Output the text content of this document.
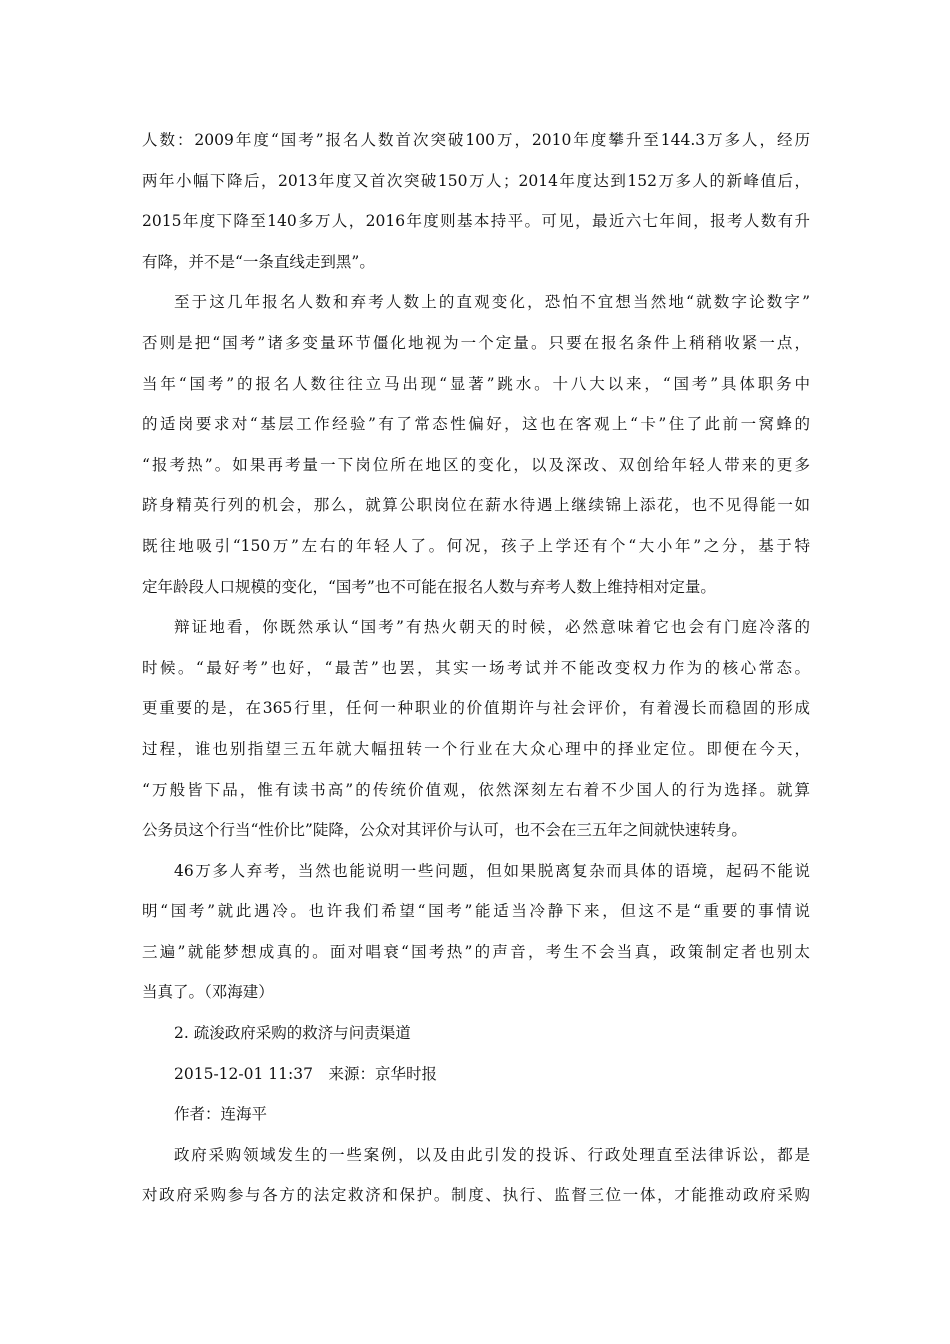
人数：2009年度“国考”报名人数首次突破100万，2010年度攀升至144.3万多人，经历
两年小幅下降后，2013年度又首次突破150万人；2014年度达到152万多人的新峰值后，
2015年度下降至140多万人，2016年度则基本持平。可见，最近六七年间，报考人数有升
有降，并不是“一条直线走到黑”。
至于这几年报名人数和弃考人数上的直观变化，恐怕不宜想当然地“就数字论数字”
否则是把“国考”诸多变量环节僵化地视为一个定量。只要在报名条件上稍稍收紧一点，
当年“国考”的报名人数往往立马出现“显著”跳水。十八大以来，“国考”具体职务中
的适岗要求对“基层工作经验”有了常态性偏好，这也在客观上“卡”住了此前一窝蜂的
“报考热”。如果再考量一下岗位所在地区的变化，以及深改、双创给年轻人带来的更多
跻身精英行列的机会，那么，就算公职岗位在薪水待遇上继续锦上添花，也不见得能一如
既往地吸引“150万”左右的年轻人了。何况，孩子上学还有个“大小年”之分，基于特
定年龄段人口规模的变化，“国考”也不可能在报名人数与弃考人数上维持相对定量。
辩证地看，你既然承认“国考”有热火朝天的时候，必然意味着它也会有门庭冷落的
时候。“最好考”也好，“最苦”也罢，其实一场考试并不能改变权力作为的核心常态。
更重要的是，在365行里，任何一种职业的价值期许与社会评价，有着漫长而稳固的形成
过程，谁也别指望三五年就大幅扭转一个行业在大众心理中的择业定位。即便在今天，
“万般皆下品，惟有读书高”的传统价值观，依然深刻左右着不少国人的行为选择。就算
公务员这个行当“性价比”陡降，公众对其评价与认可，也不会在三五年之间就快速转身。
46万多人弃考，当然也能说明一些问题，但如果脱离复杂而具体的语境，起码不能说
明“国考”就此遇冷。也许我们希望“国考”能适当冷静下来，但这不是“重要的事情说
三遍”就能梦想成真的。面对唱衰“国考热”的声音，考生不会当真，政策制定者也别太
当真了。（邓海建）
2. 疏浚政府采购的救济与问责渠道
2015-12-01 11:37　来源：京华时报
作者：连海平
政府采购领域发生的一些案例，以及由此引发的投诉、行政处理直至法律诉讼，都是
对政府采购参与各方的法定救济和保护。制度、执行、监督三位一体，才能推动政府采购
